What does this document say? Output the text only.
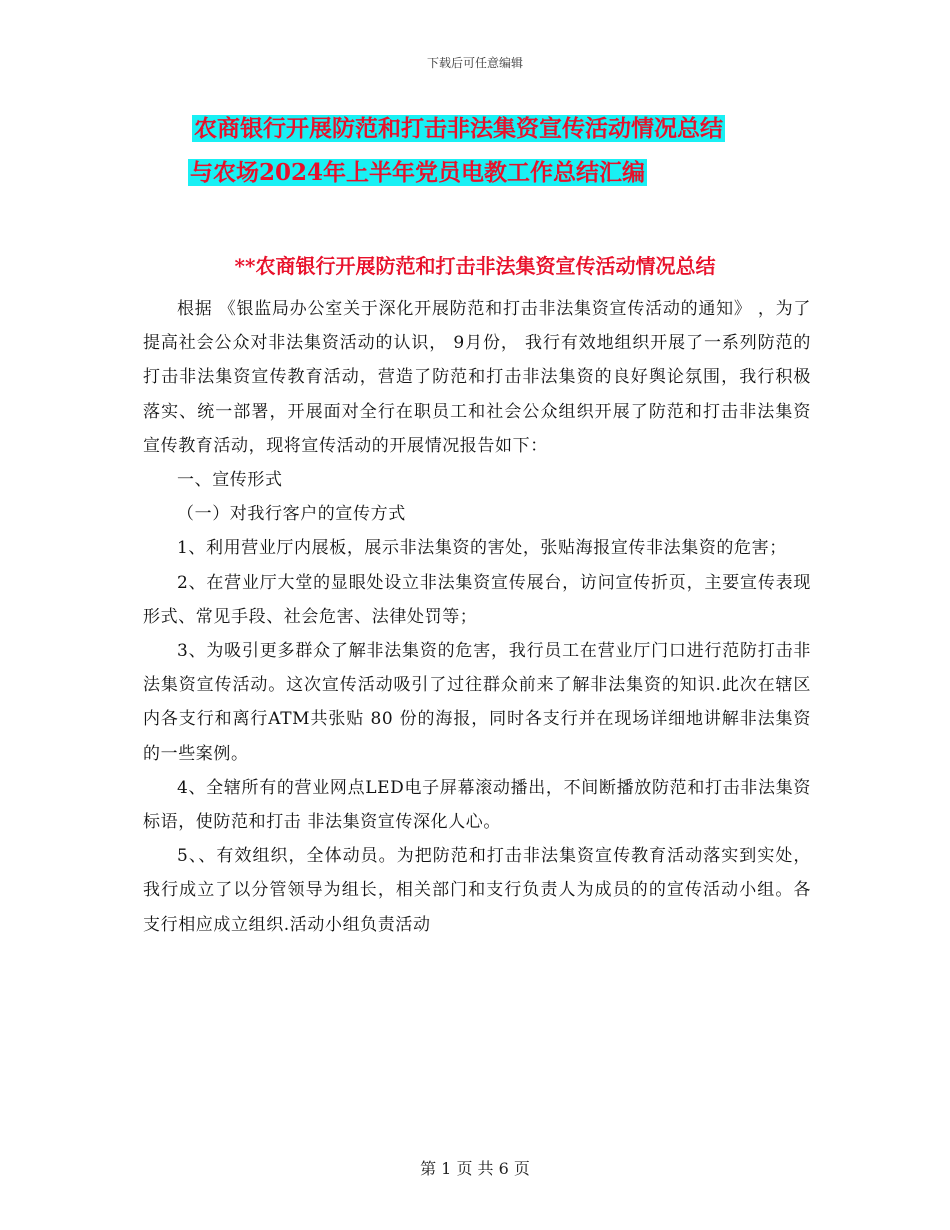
下载后可任意编辑
农商银行开展防范和打击非法集资宣传活动情况总结
与农场2024年上半年党员电教工作总结汇编
**农商银行开展防范和打击非法集资宣传活动情况总结

根据 《银监局办公室关于深化开展防范和打击非法集资宣传活动的通知》 ，为了提高社会公众对非法集资活动的认识， 9月份， 我行有效地组织开展了一系列防范的打击非法集资宣传教育活动，营造了防范和打击非法集资的良好舆论氛围，我行积极落实、统一部署，开展面对全行在职员工和社会公众组织开展了防范和打击非法集资宣传教育活动，现将宣传活动的开展情况报告如下：

一、宣传形式

（一）对我行客户的宣传方式

1、利用营业厅内展板，展示非法集资的害处，张贴海报宣传非法集资的危害；

2、在营业厅大堂的显眼处设立非法集资宣传展台，访问宣传折页，主要宣传表现形式、常见手段、社会危害、法律处罚等；

3、为吸引更多群众了解非法集资的危害，我行员工在营业厅门口进行范防打击非法集资宣传活动。这次宣传活动吸引了过往群众前来了解非法集资的知识.此次在辖区内各支行和离行ATM共张贴 80 份的海报，同时各支行并在现场详细地讲解非法集资的一些案例。

4、全辖所有的营业网点LED电子屏幕滚动播出，不间断播放防范和打击非法集资标语，使防范和打击 非法集资宣传深化人心。

5、、有效组织，全体动员。为把防范和打击非法集资宣传教育活动落实到实处，我行成立了以分管领导为组长，相关部门和支行负责人为成员的的宣传活动小组。各支行相应成立组织.活动小组负责活动

第 1 页 共 6 页
